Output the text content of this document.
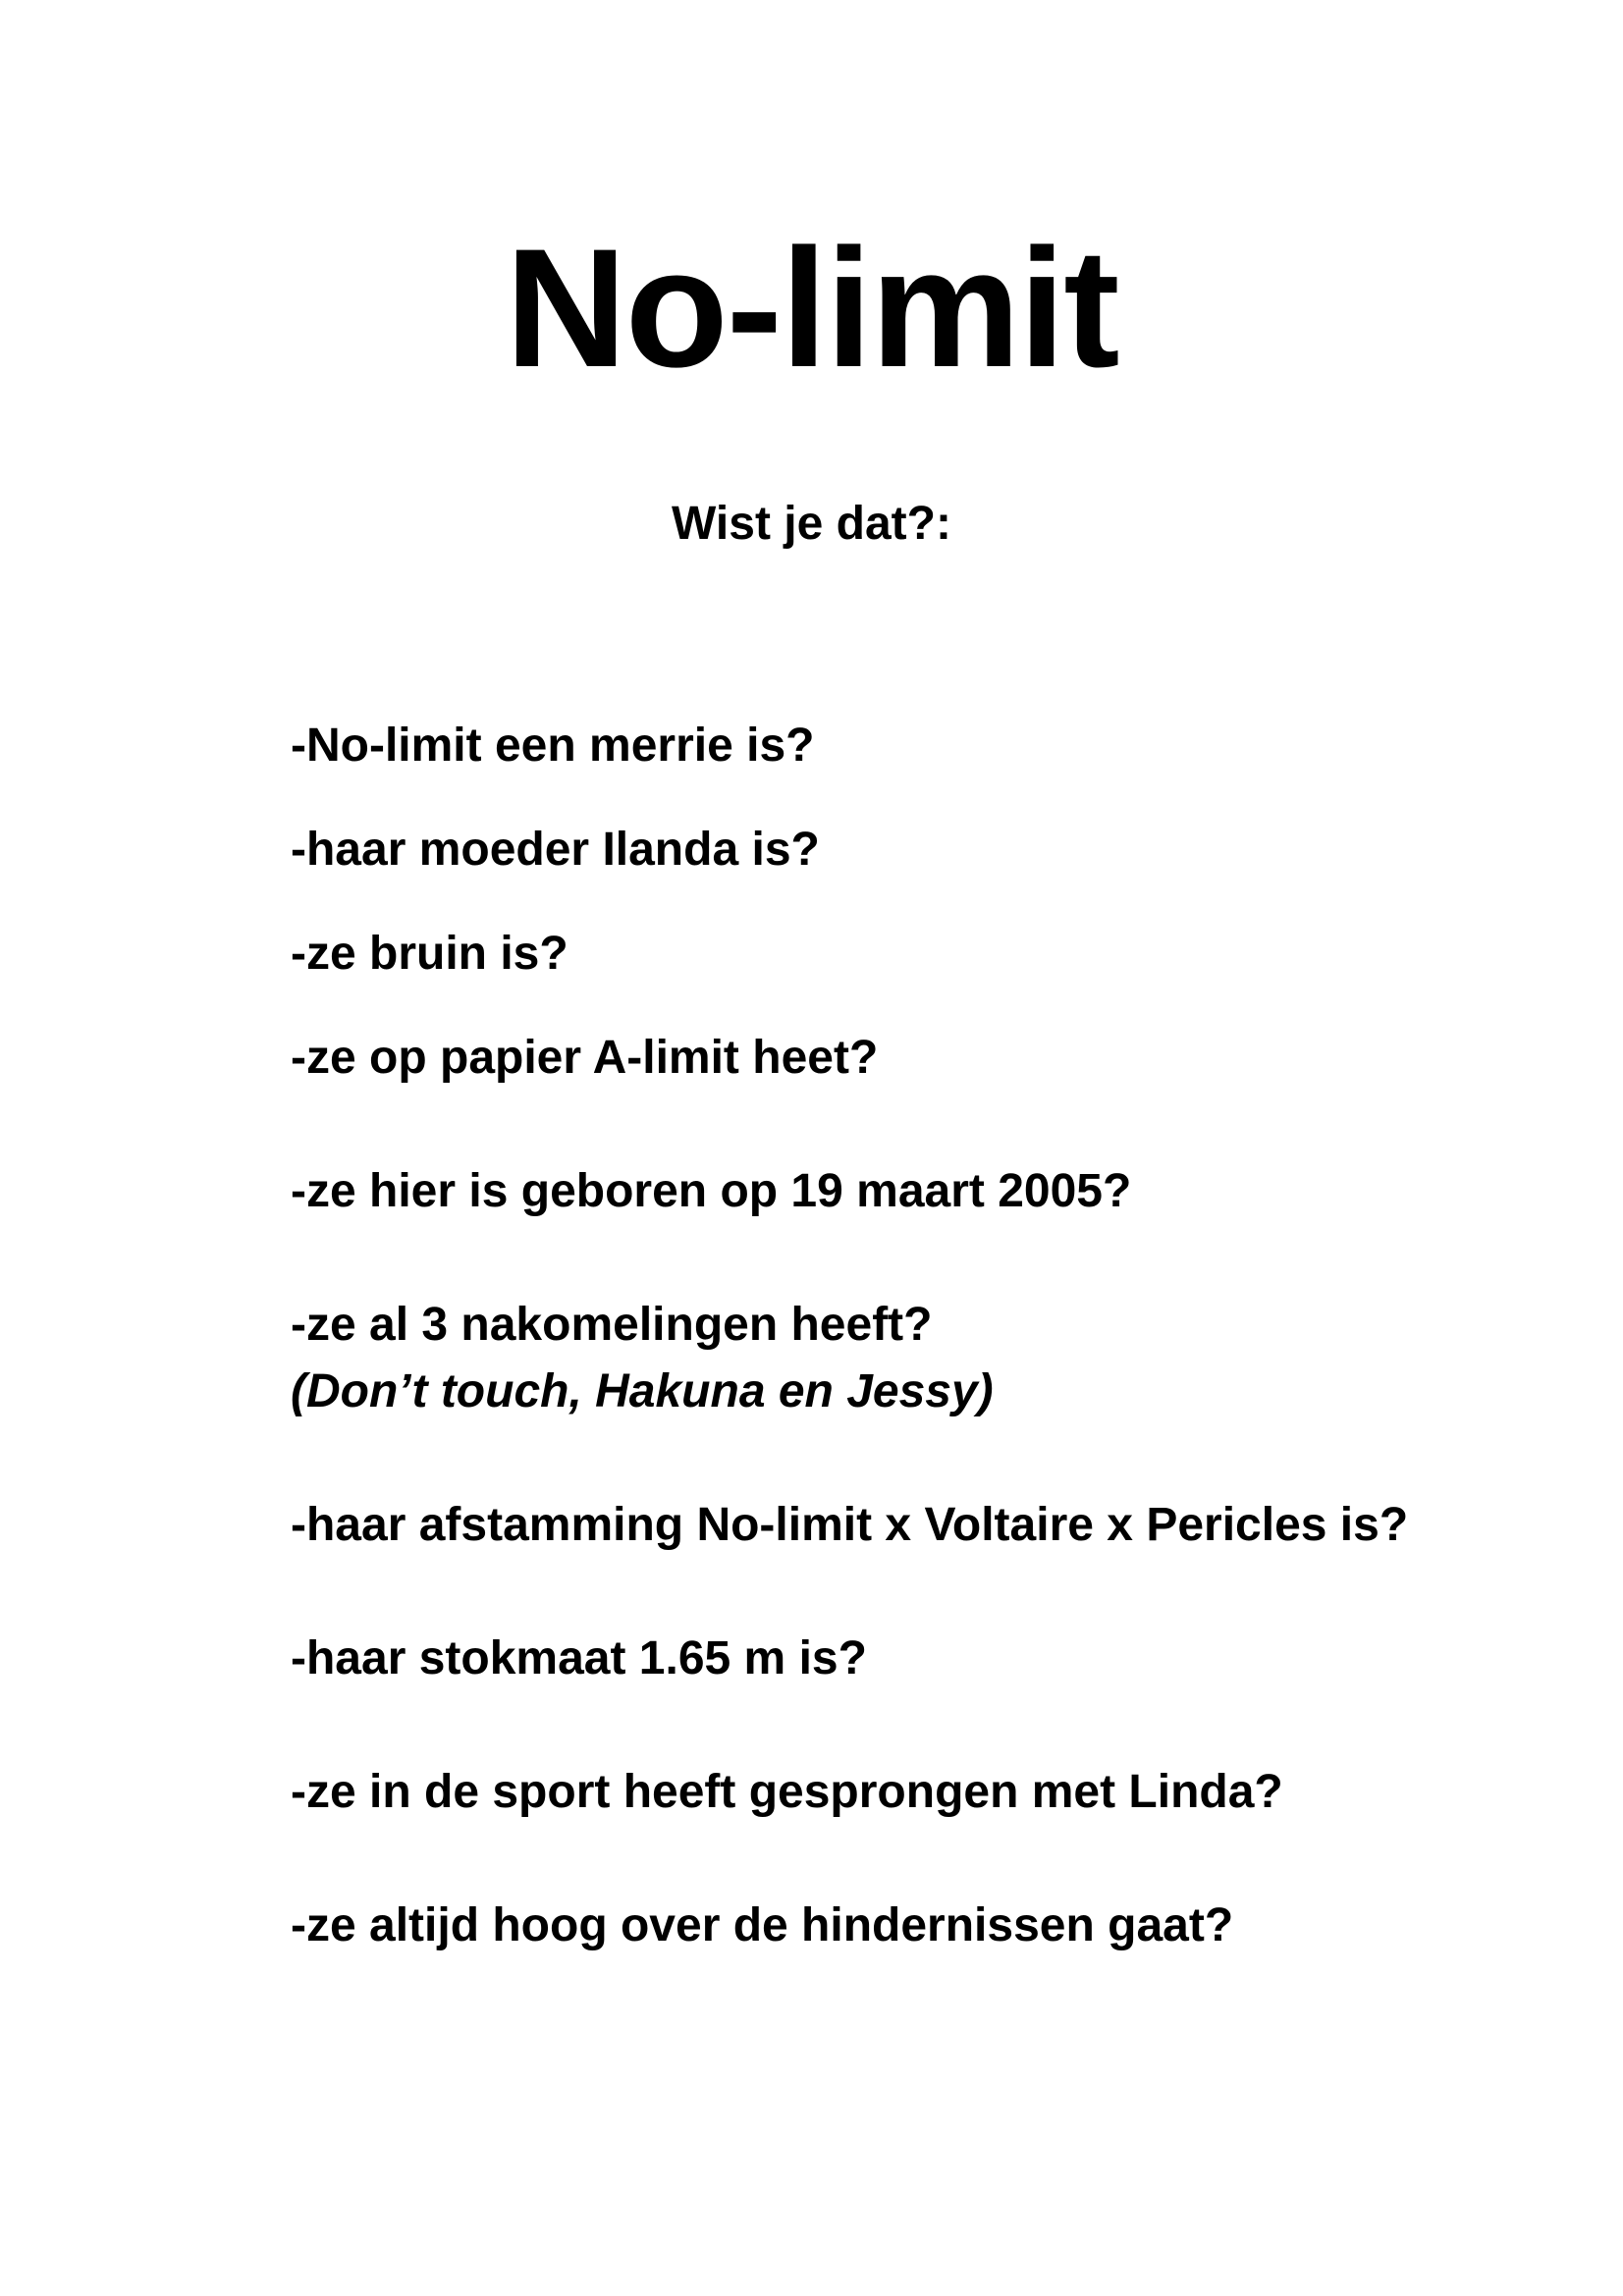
No-limit
Wist je dat?:
-No-limit een merrie is?
-haar moeder Ilanda is?
-ze bruin is?
-ze op papier A-limit heet?
-ze hier is geboren op 19 maart 2005?
-ze al 3 nakomelingen heeft?
(Don’t touch, Hakuna en Jessy)
-haar afstamming No-limit x Voltaire x Pericles is?
-haar stokmaat 1.65 m is?
-ze in de sport heeft gesprongen met Linda?
-ze altijd hoog over de hindernissen gaat?
